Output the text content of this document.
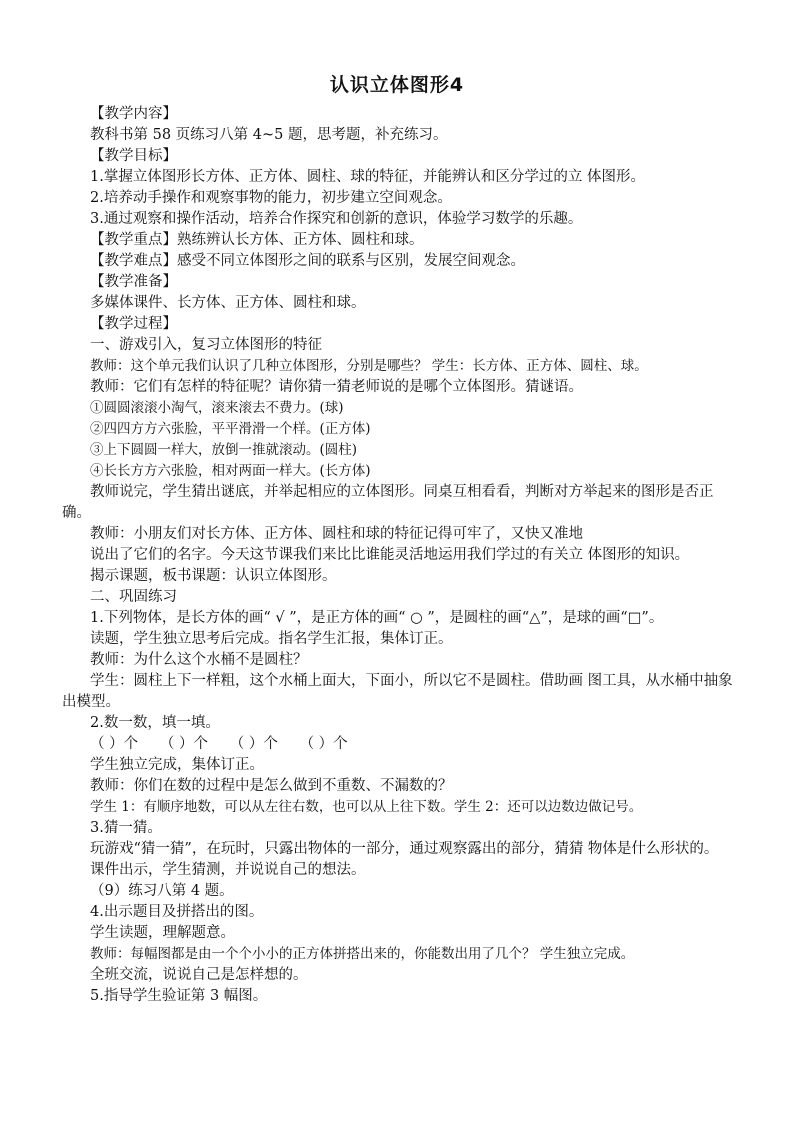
认识立体图形4

【教学内容】

教科书第 58 页练习八第 4~5 题，思考题，补充练习。

【教学目标】

1.掌握立体图形长方体、正方体、圆柱、球的特征，并能辨认和区分学过的立 体图形。

2.培养动手操作和观察事物的能力，初步建立空间观念。

3.通过观察和操作活动，培养合作探究和创新的意识，体验学习数学的乐趣。

【教学重点】熟练辨认长方体、正方体、圆柱和球。

【教学难点】感受不同立体图形之间的联系与区别，发展空间观念。

【教学准备】

多媒体课件、长方体、正方体、圆柱和球。

【教学过程】

一、游戏引入，复习立体图形的特征

教师：这个单元我们认识了几种立体图形，分别是哪些？ 学生：长方体、正方体、圆柱、球。

教师：它们有怎样的特征呢？请你猜一猜老师说的是哪个立体图形。猜谜语。

①圆圆滚滚小淘气，滚来滚去不费力。(球)

②四四方方六张脸，平平滑滑一个样。(正方体)

③上下圆圆一样大，放倒一推就滚动。(圆柱)

④长长方方六张脸，相对两面一样大。(长方体)

教师说完，学生猜出谜底，并举起相应的立体图形。同桌互相看看，判断对方举起来的图形是否正确。

教师：小朋友们对长方体、正方体、圆柱和球的特征记得可牢了，又快又准地

说出了它们的名字。今天这节课我们来比比谁能灵活地运用我们学过的有关立 体图形的知识。

揭示课题，板书课题：认识立体图形。

二、巩固练习

1.下列物体，是长方体的画“ √ ”，是正方体的画“ ○ ”，是圆柱的画“△”，是球的画“□”。

读题，学生独立思考后完成。指名学生汇报，集体订正。

教师：为什么这个水桶不是圆柱？

学生：圆柱上下一样粗，这个水桶上面大，下面小，所以它不是圆柱。借助画 图工具，从水桶中抽象出模型。

2.数一数，填一填。

（ ）个　　（ ）个　　（ ）个　　（ ）个

学生独立完成，集体订正。

教师：你们在数的过程中是怎么做到不重数、不漏数的？

学生 1：有顺序地数，可以从左往右数，也可以从上往下数。学生 2：还可以边数边做记号。

3.猜一猜。

玩游戏“猜一猜”，在玩时，只露出物体的一部分，通过观察露出的部分，猜猜 物体是什么形状的。

课件出示，学生猜测，并说说自己的想法。

（9）练习八第 4 题。

4.出示题目及拼搭出的图。

学生读题，理解题意。

教师：每幅图都是由一个个小小的正方体拼搭出来的，你能数出用了几个？ 学生独立完成。

全班交流，说说自己是怎样想的。

5.指导学生验证第 3 幅图。
